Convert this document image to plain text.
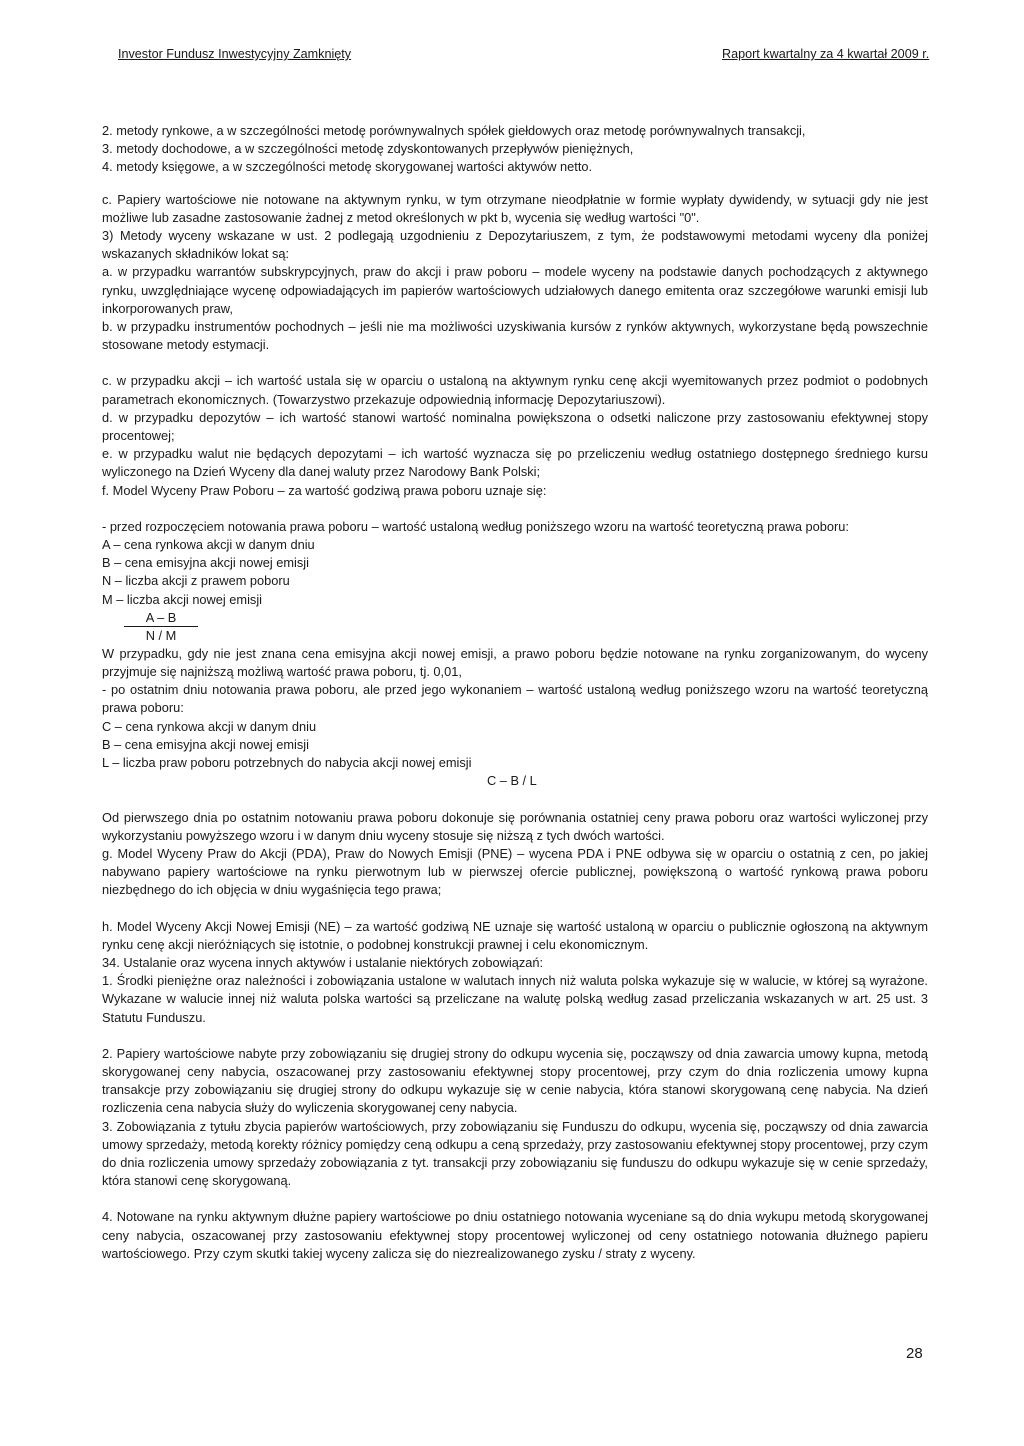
Investor Fundusz Inwestycyjny Zamknięty	Raport kwartalny za 4 kwartał 2009 r.

2. metody rynkowe, a w szczególności metodę porównywalnych spółek giełdowych oraz metodę porównywalnych transakcji,

3. metody dochodowe, a w szczególności metodę zdyskontowanych przepływów pieniężnych,

4. metody księgowe, a w szczególności metodę skorygowanej wartości aktywów netto.

c. Papiery wartościowe nie notowane na aktywnym rynku, w tym otrzymane nieodpłatnie w formie wypłaty dywidendy, w sytuacji gdy nie jest możliwe lub zasadne zastosowanie żadnej z metod określonych w pkt b, wycenia się według wartości "0".

3) Metody wyceny wskazane w ust. 2 podlegają uzgodnieniu z Depozytariuszem, z tym, że podstawowymi metodami wyceny dla poniżej wskazanych składników lokat są:

a. w przypadku warrantów subskrypcyjnych, praw do akcji i praw poboru – modele wyceny na podstawie danych pochodzących z aktywnego rynku, uwzględniające wycenę odpowiadających im papierów wartościowych udziałowych danego emitenta oraz szczegółowe warunki emisji lub inkorporowanych praw,

b. w przypadku instrumentów pochodnych – jeśli nie ma możliwości uzyskiwania kursów z rynków aktywnych, wykorzystane będą powszechnie stosowane metody estymacji.

c. w przypadku akcji – ich wartość ustala się w oparciu o ustaloną na aktywnym rynku cenę akcji wyemitowanych przez podmiot o podobnych parametrach ekonomicznych. (Towarzystwo przekazuje odpowiednią informację Depozytariuszowi).

d. w przypadku depozytów – ich wartość stanowi wartość nominalna powiększona o odsetki naliczone przy zastosowaniu efektywnej stopy procentowej;

e. w przypadku walut nie będących depozytami – ich wartość wyznacza się po przeliczeniu według ostatniego dostępnego średniego kursu wyliczonego na Dzień Wyceny dla danej waluty przez Narodowy Bank Polski;

f. Model Wyceny Praw Poboru – za wartość godziwą prawa poboru uznaje się:

- przed rozpoczęciem notowania prawa poboru – wartość ustaloną według poniższego wzoru na wartość teoretyczną prawa poboru:

A – cena rynkowa akcji w danym dniu

B – cena emisyjna akcji nowej emisji

N – liczba akcji z prawem poboru

M – liczba akcji nowej emisji

A – B
N / M

W przypadku, gdy nie jest znana cena emisyjna akcji nowej emisji, a prawo poboru będzie notowane na rynku zorganizowanym, do wyceny przyjmuje się najniższą możliwą wartość prawa poboru, tj. 0,01,

- po ostatnim dniu notowania prawa poboru, ale przed jego wykonaniem – wartość ustaloną według poniższego wzoru na wartość teoretyczną prawa poboru:

C – cena rynkowa akcji w danym dniu

B – cena emisyjna akcji nowej emisji

L – liczba praw poboru potrzebnych do nabycia akcji nowej emisji

C – B / L

Od pierwszego dnia po ostatnim notowaniu prawa poboru dokonuje się porównania ostatniej ceny prawa poboru oraz wartości wyliczonej przy wykorzystaniu powyższego wzoru i w danym dniu wyceny stosuje się niższą z tych dwóch wartości.

g. Model Wyceny Praw do Akcji (PDA), Praw do Nowych Emisji (PNE) – wycena PDA i PNE odbywa się w oparciu o ostatnią z cen, po jakiej nabywano papiery wartościowe na rynku pierwotnym lub w pierwszej ofercie publicznej, powiększoną o wartość rynkową prawa poboru niezbędnego do ich objęcia w dniu wygaśnięcia tego prawa;

h. Model Wyceny Akcji Nowej Emisji (NE) – za wartość godziwą NE uznaje się wartość ustaloną w oparciu o publicznie ogłoszoną na aktywnym rynku cenę akcji nieróżniących się istotnie, o podobnej konstrukcji prawnej i celu ekonomicznym.

34. Ustalanie oraz wycena innych aktywów i ustalanie niektórych zobowiązań:

1. Środki pieniężne oraz należności i zobowiązania ustalone w walutach innych niż waluta polska wykazuje się w walucie, w której są wyrażone. Wykazane w walucie innej niż waluta polska wartości są przeliczane na walutę polską według zasad przeliczania wskazanych w art. 25 ust. 3 Statutu Funduszu.

2. Papiery wartościowe nabyte przy zobowiązaniu się drugiej strony do odkupu wycenia się, począwszy od dnia zawarcia umowy kupna, metodą skorygowanej ceny nabycia, oszacowanej przy zastosowaniu efektywnej stopy procentowej, przy czym do dnia rozliczenia umowy kupna transakcje przy zobowiązaniu się drugiej strony do odkupu wykazuje się w cenie nabycia, która stanowi skorygowaną cenę nabycia. Na dzień rozliczenia cena nabycia służy do wyliczenia skorygowanej ceny nabycia.

3. Zobowiązania z tytułu zbycia papierów wartościowych, przy zobowiązaniu się Funduszu do odkupu, wycenia się, począwszy od dnia zawarcia umowy sprzedaży, metodą korekty różnicy pomiędzy ceną odkupu a ceną sprzedaży, przy zastosowaniu efektywnej stopy procentowej, przy czym do dnia rozliczenia umowy sprzedaży zobowiązania z tyt. transakcji przy zobowiązaniu się funduszu do odkupu wykazuje się w cenie sprzedaży, która stanowi cenę skorygowaną.

4. Notowane na rynku aktywnym dłużne papiery wartościowe po dniu ostatniego notowania wyceniane są do dnia wykupu metodą skorygowanej ceny nabycia, oszacowanej przy zastosowaniu efektywnej stopy procentowej wyliczonej od ceny ostatniego notowania dłużnego papieru wartościowego. Przy czym skutki takiej wyceny zalicza się do niezrealizowanego zysku / straty z wyceny.

28
